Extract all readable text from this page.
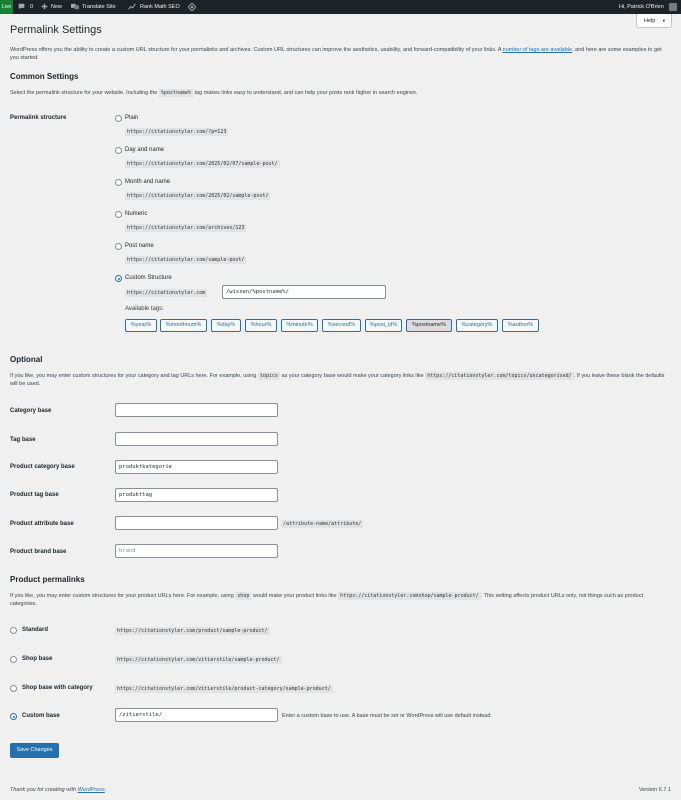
Live	0	New	Translate Site	Rank Math SEO	Hi, Patrick O'Brien
Help ▼
Permalink Settings
WordPress offers you the ability to create a custom URL structure for your permalinks and archives. Custom URL structures can improve the aesthetics, usability, and forward-compatibility of your links. A number of tags are available, and here are some examples to get you started.
Common Settings
Select the permalink structure for your website. Including the %postname% tag makes links easy to understand, and can help your posts rank higher in search engines.
Permalink structure	Plain
https://citationstyler.com/?p=123
Day and name
https://citationstyler.com/2025/02/07/sample-post/
Month and name
https://citationstyler.com/2025/02/sample-post/
Numeric
https://citationstyler.com/archives/123
Post name
https://citationstyler.com/sample-post/
Custom Structure
https://citationstyler.com	/wissen/%postname%/
Available tags:
%year%	%monthnum%	%day%	%hour%	%minute%	%second%	%post_id%	%postname%	%category%	%author%
Optional
If you like, you may enter custom structures for your category and tag URLs here. For example, using topics as your category base would make your category links like https://citationstyler.com/topics/uncategorised/ . If you leave these blank the defaults will be used.
Category base
Tag base
Product category base	produktkategorie
Product tag base	produkttag
Product attribute base	/attribute-name/attribute/
Product brand base	brand
Product permalinks
If you like, you may enter custom structures for your product URLs here. For example, using shop would make your product links like https://citationstyler.comshop/sample-product/ . This setting affects product URLs only, not things such as product categories.
Standard	https://citationstyler.com/product/sample-product/
Shop base	https://citationstyler.com/zitierstile/sample-product/
Shop base with category	https://citationstyler.com/zitierstile/product-category/sample-product/
Custom base	/zitierstile/	Enter a custom base to use. A base must be set or WordPress will use default instead.
Save Changes
Thank you for creating with WordPress.	Version 6.7.1
